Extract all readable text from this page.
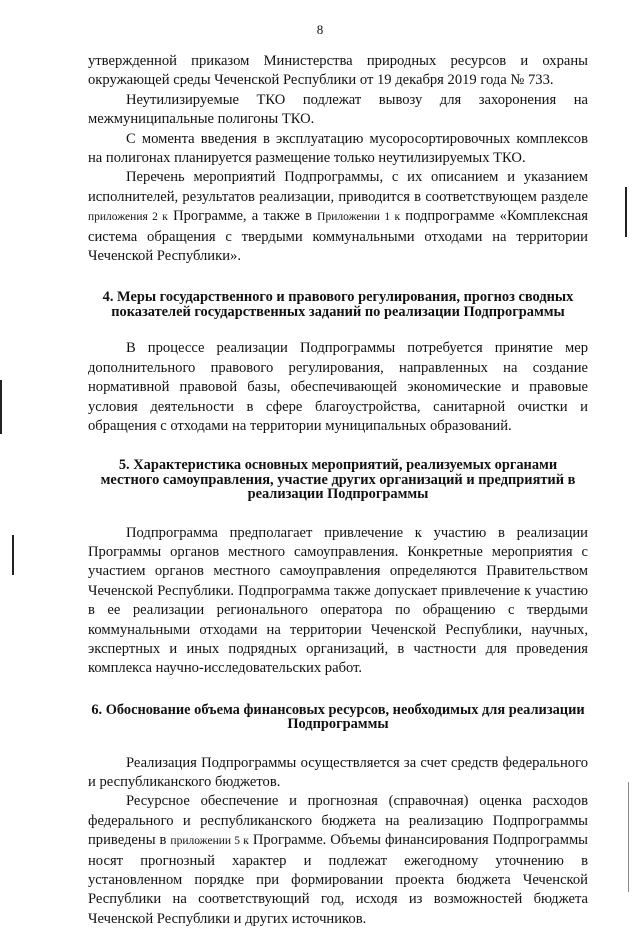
8

утвержденной приказом Министерства природных ресурсов и охраны окружающей среды Чеченской Республики от 19 декабря 2019 года № 733.

Неутилизируемые ТКО подлежат вывозу для захоронения на межмуниципальные полигоны ТКО.

С момента введения в эксплуатацию мусоросортировочных комплексов на полигонах планируется размещение только неутилизируемых ТКО.

Перечень мероприятий Подпрограммы, с их описанием и указанием исполнителей, результатов реализации, приводится в соответствующем разделе приложения 2 к Программе, а также в Приложении 1 к подпрограмме «Комплексная система обращения с твердыми коммунальными отходами на территории Чеченской Республики».

4. Меры государственного и правового регулирования, прогноз сводных показателей государственных заданий по реализации Подпрограммы

В процессе реализации Подпрограммы потребуется принятие мер дополнительного правового регулирования, направленных на создание нормативной правовой базы, обеспечивающей экономические и правовые условия деятельности в сфере благоустройства, санитарной очистки и обращения с отходами на территории муниципальных образований.

5. Характеристика основных мероприятий, реализуемых органами местного самоуправления, участие других организаций и предприятий в реализации Подпрограммы

Подпрограмма предполагает привлечение к участию в реализации Программы органов местного самоуправления. Конкретные мероприятия с участием органов местного самоуправления определяются Правительством Чеченской Республики. Подпрограмма также допускает привлечение к участию в ее реализации регионального оператора по обращению с твердыми коммунальными отходами на территории Чеченской Республики, научных, экспертных и иных подрядных организаций, в частности для проведения комплекса научно-исследовательских работ.

6. Обоснование объема финансовых ресурсов, необходимых для реализации Подпрограммы

Реализация Подпрограммы осуществляется за счет средств федерального и республиканского бюджетов.

Ресурсное обеспечение и прогнозная (справочная) оценка расходов федерального и республиканского бюджета на реализацию Подпрограммы приведены в приложении 5 к Программе. Объемы финансирования Подпрограммы носят прогнозный характер и подлежат ежегодному уточнению в установленном порядке при формировании проекта бюджета Чеченской Республики на соответствующий год, исходя из возможностей бюджета Чеченской Республики и других источников.
